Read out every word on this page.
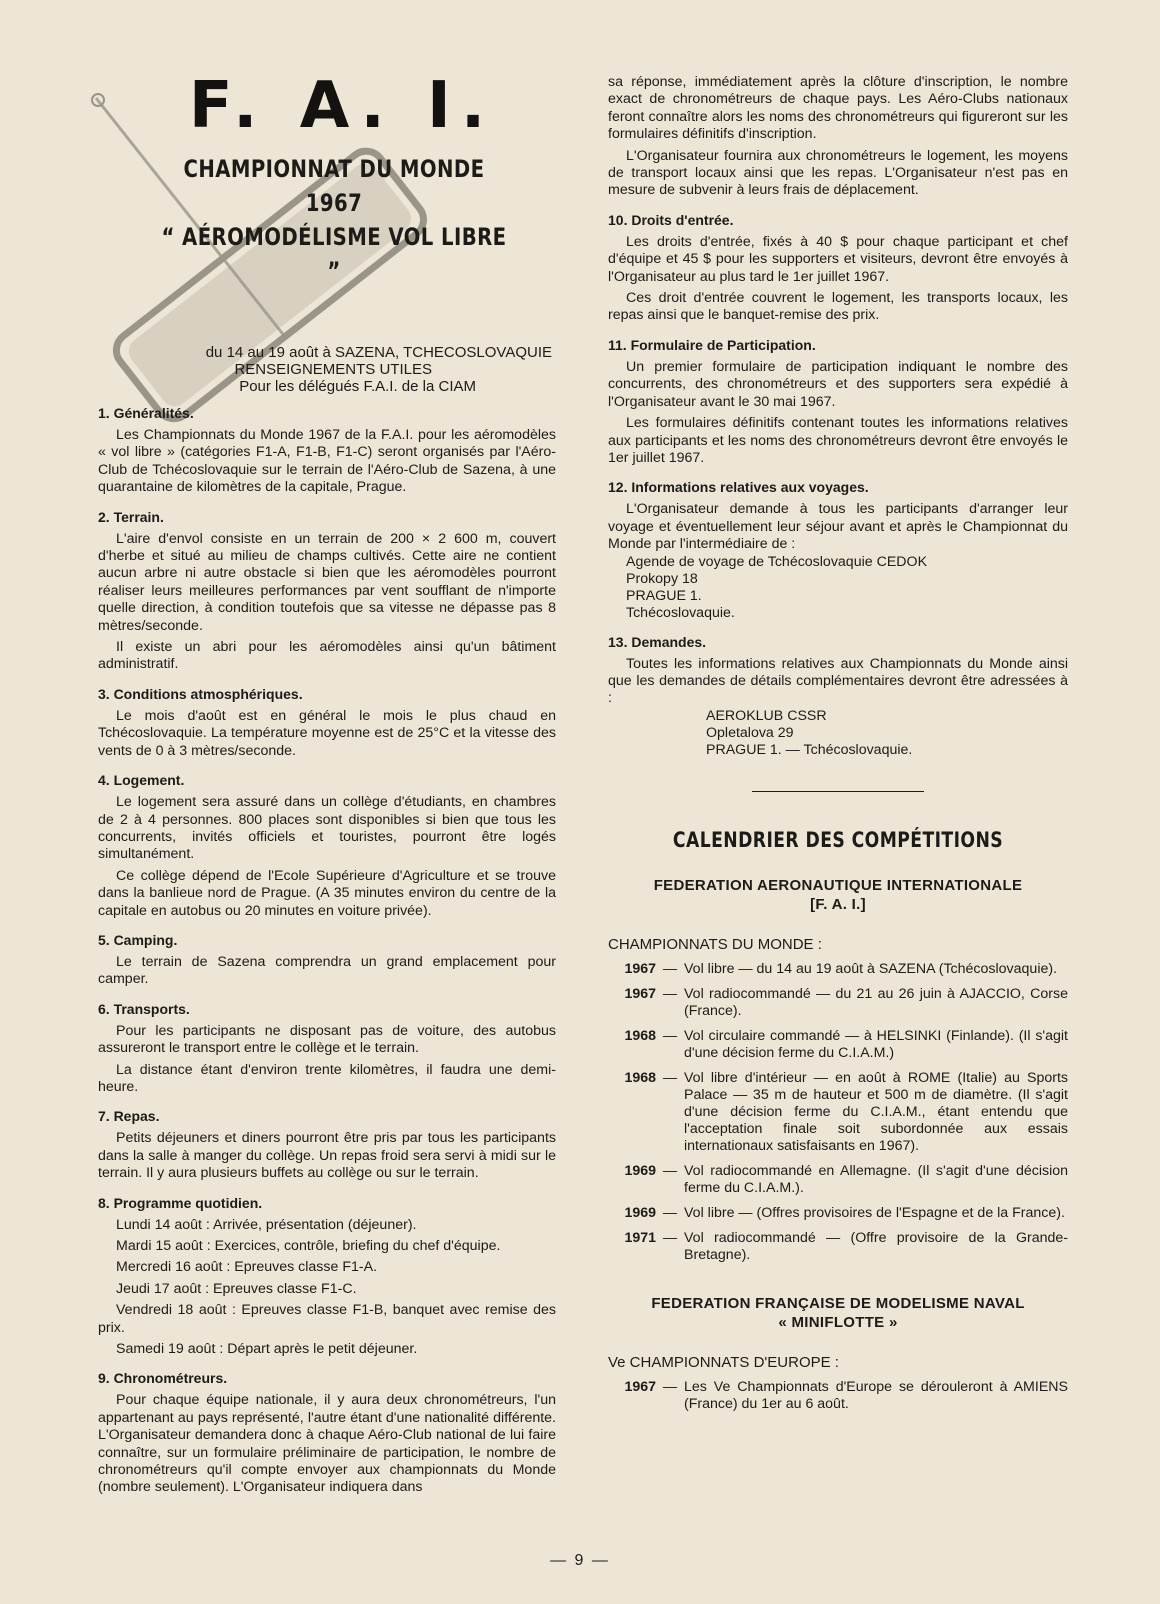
F. A. I.
CHAMPIONNAT DU MONDE 1967
“ AÉROMODÉLISME VOL LIBRE ”
du 14 au 19 août à SAZENA, TCHECOSLOVAQUIE
RENSEIGNEMENTS UTILES
Pour les délégués F.A.I. de la CIAM
1. Généralités.

Les Championnats du Monde 1967 de la F.A.I. pour les aéromodèles « vol libre » (catégories F1-A, F1-B, F1-C) seront organisés par l'Aéro-Club de Tchécoslovaquie sur le terrain de l'Aéro-Club de Sazena, à une quarantaine de kilomètres de la capitale, Prague.

2. Terrain.

L'aire d'envol consiste en un terrain de 200 × 2 600 m, couvert d'herbe et situé au milieu de champs cultivés. Cette aire ne contient aucun arbre ni autre obstacle si bien que les aéromodèles pourront réaliser leurs meilleures performances par vent soufflant de n'importe quelle direction, à condition toutefois que sa vitesse ne dépasse pas 8 mètres/seconde.

Il existe un abri pour les aéromodèles ainsi qu'un bâtiment administratif.

3. Conditions atmosphériques.

Le mois d'août est en général le mois le plus chaud en Tchécoslovaquie. La température moyenne est de 25°C et la vitesse des vents de 0 à 3 mètres/seconde.

4. Logement.

Le logement sera assuré dans un collège d'étudiants, en chambres de 2 à 4 personnes. 800 places sont disponibles si bien que tous les concurrents, invités officiels et touristes, pourront être logés simultanément.

Ce collège dépend de l'Ecole Supérieure d'Agriculture et se trouve dans la banlieue nord de Prague. (A 35 minutes environ du centre de la capitale en autobus ou 20 minutes en voiture privée).

5. Camping.

Le terrain de Sazena comprendra un grand emplacement pour camper.

6. Transports.

Pour les participants ne disposant pas de voiture, des autobus assureront le transport entre le collège et le terrain.

La distance étant d'environ trente kilomètres, il faudra une demi-heure.

7. Repas.

Petits déjeuners et diners pourront être pris par tous les participants dans la salle à manger du collège. Un repas froid sera servi à midi sur le terrain. Il y aura plusieurs buffets au collège ou sur le terrain.

8. Programme quotidien.

Lundi 14 août : Arrivée, présentation (déjeuner).

Mardi 15 août : Exercices, contrôle, briefing du chef d'équipe.

Mercredi 16 août : Epreuves classe F1-A.

Jeudi 17 août : Epreuves classe F1-C.

Vendredi 18 août : Epreuves classe F1-B, banquet avec remise des prix.

Samedi 19 août : Départ après le petit déjeuner.

9. Chronométreurs.

Pour chaque équipe nationale, il y aura deux chronométreurs, l'un appartenant au pays représenté, l'autre étant d'une nationalité différente. L'Organisateur demandera donc à chaque Aéro-Club national de lui faire connaître, sur un formulaire préliminaire de participation, le nombre de chronométreurs qu'il compte envoyer aux championnats du Monde (nombre seulement). L'Organisateur indiquera dans

sa réponse, immédiatement après la clôture d'inscription, le nombre exact de chronométreurs de chaque pays. Les Aéro-Clubs nationaux feront connaître alors les noms des chronométreurs qui figureront sur les formulaires définitifs d'inscription.

L'Organisateur fournira aux chronométreurs le logement, les moyens de transport locaux ainsi que les repas. L'Organisateur n'est pas en mesure de subvenir à leurs frais de déplacement.

10. Droits d'entrée.

Les droits d'entrée, fixés à 40 $ pour chaque participant et chef d'équipe et 45 $ pour les supporters et visiteurs, devront être envoyés à l'Organisateur au plus tard le 1er juillet 1967.

Ces droit d'entrée couvrent le logement, les transports locaux, les repas ainsi que le banquet-remise des prix.

11. Formulaire de Participation.

Un premier formulaire de participation indiquant le nombre des concurrents, des chronométreurs et des supporters sera expédié à l'Organisateur avant le 30 mai 1967.

Les formulaires définitifs contenant toutes les informations relatives aux participants et les noms des chronométreurs devront être envoyés le 1er juillet 1967.

12. Informations relatives aux voyages.

L'Organisateur demande à tous les participants d'arranger leur voyage et éventuellement leur séjour avant et après le Championnat du Monde par l'intermédiaire de :

Agende de voyage de Tchécoslovaquie CEDOK
Prokopy 18
PRAGUE 1.
Tchécoslovaquie.
13. Demandes.

Toutes les informations relatives aux Championnats du Monde ainsi que les demandes de détails complémentaires devront être adressées à :

AEROKLUB CSSR
Opletalova 29
PRAGUE 1. — Tchécoslovaquie.
CALENDRIER DES COMPÉTITIONS
FEDERATION AERONAUTIQUE INTERNATIONALE
[F. A. I.]
CHAMPIONNATS DU MONDE :
1967 — Vol libre — du 14 au 19 août à SAZENA (Tchécoslovaquie).
1967 — Vol radiocommandé — du 21 au 26 juin à AJACCIO, Corse (France).
1968 — Vol circulaire commandé — à HELSINKI (Finlande). (Il s'agit d'une décision ferme du C.I.A.M.)
1968 — Vol libre d'intérieur — en août à ROME (Italie) au Sports Palace — 35 m de hauteur et 500 m de diamètre. (Il s'agit d'une décision ferme du C.I.A.M., étant entendu que l'acceptation finale soit subordonnée aux essais internationaux satisfaisants en 1967).
1969 — Vol radiocommandé en Allemagne. (Il s'agit d'une décision ferme du C.I.A.M.).
1969 — Vol libre — (Offres provisoires de l'Espagne et de la France).
1971 — Vol radiocommandé — (Offre provisoire de la Grande-Bretagne).
FEDERATION FRANÇAISE DE MODELISME NAVAL
« MINIFLOTTE »
Ve CHAMPIONNATS D'EUROPE :
1967 — Les Ve Championnats d'Europe se dérouleront à AMIENS (France) du 1er au 6 août.
— 9 —
